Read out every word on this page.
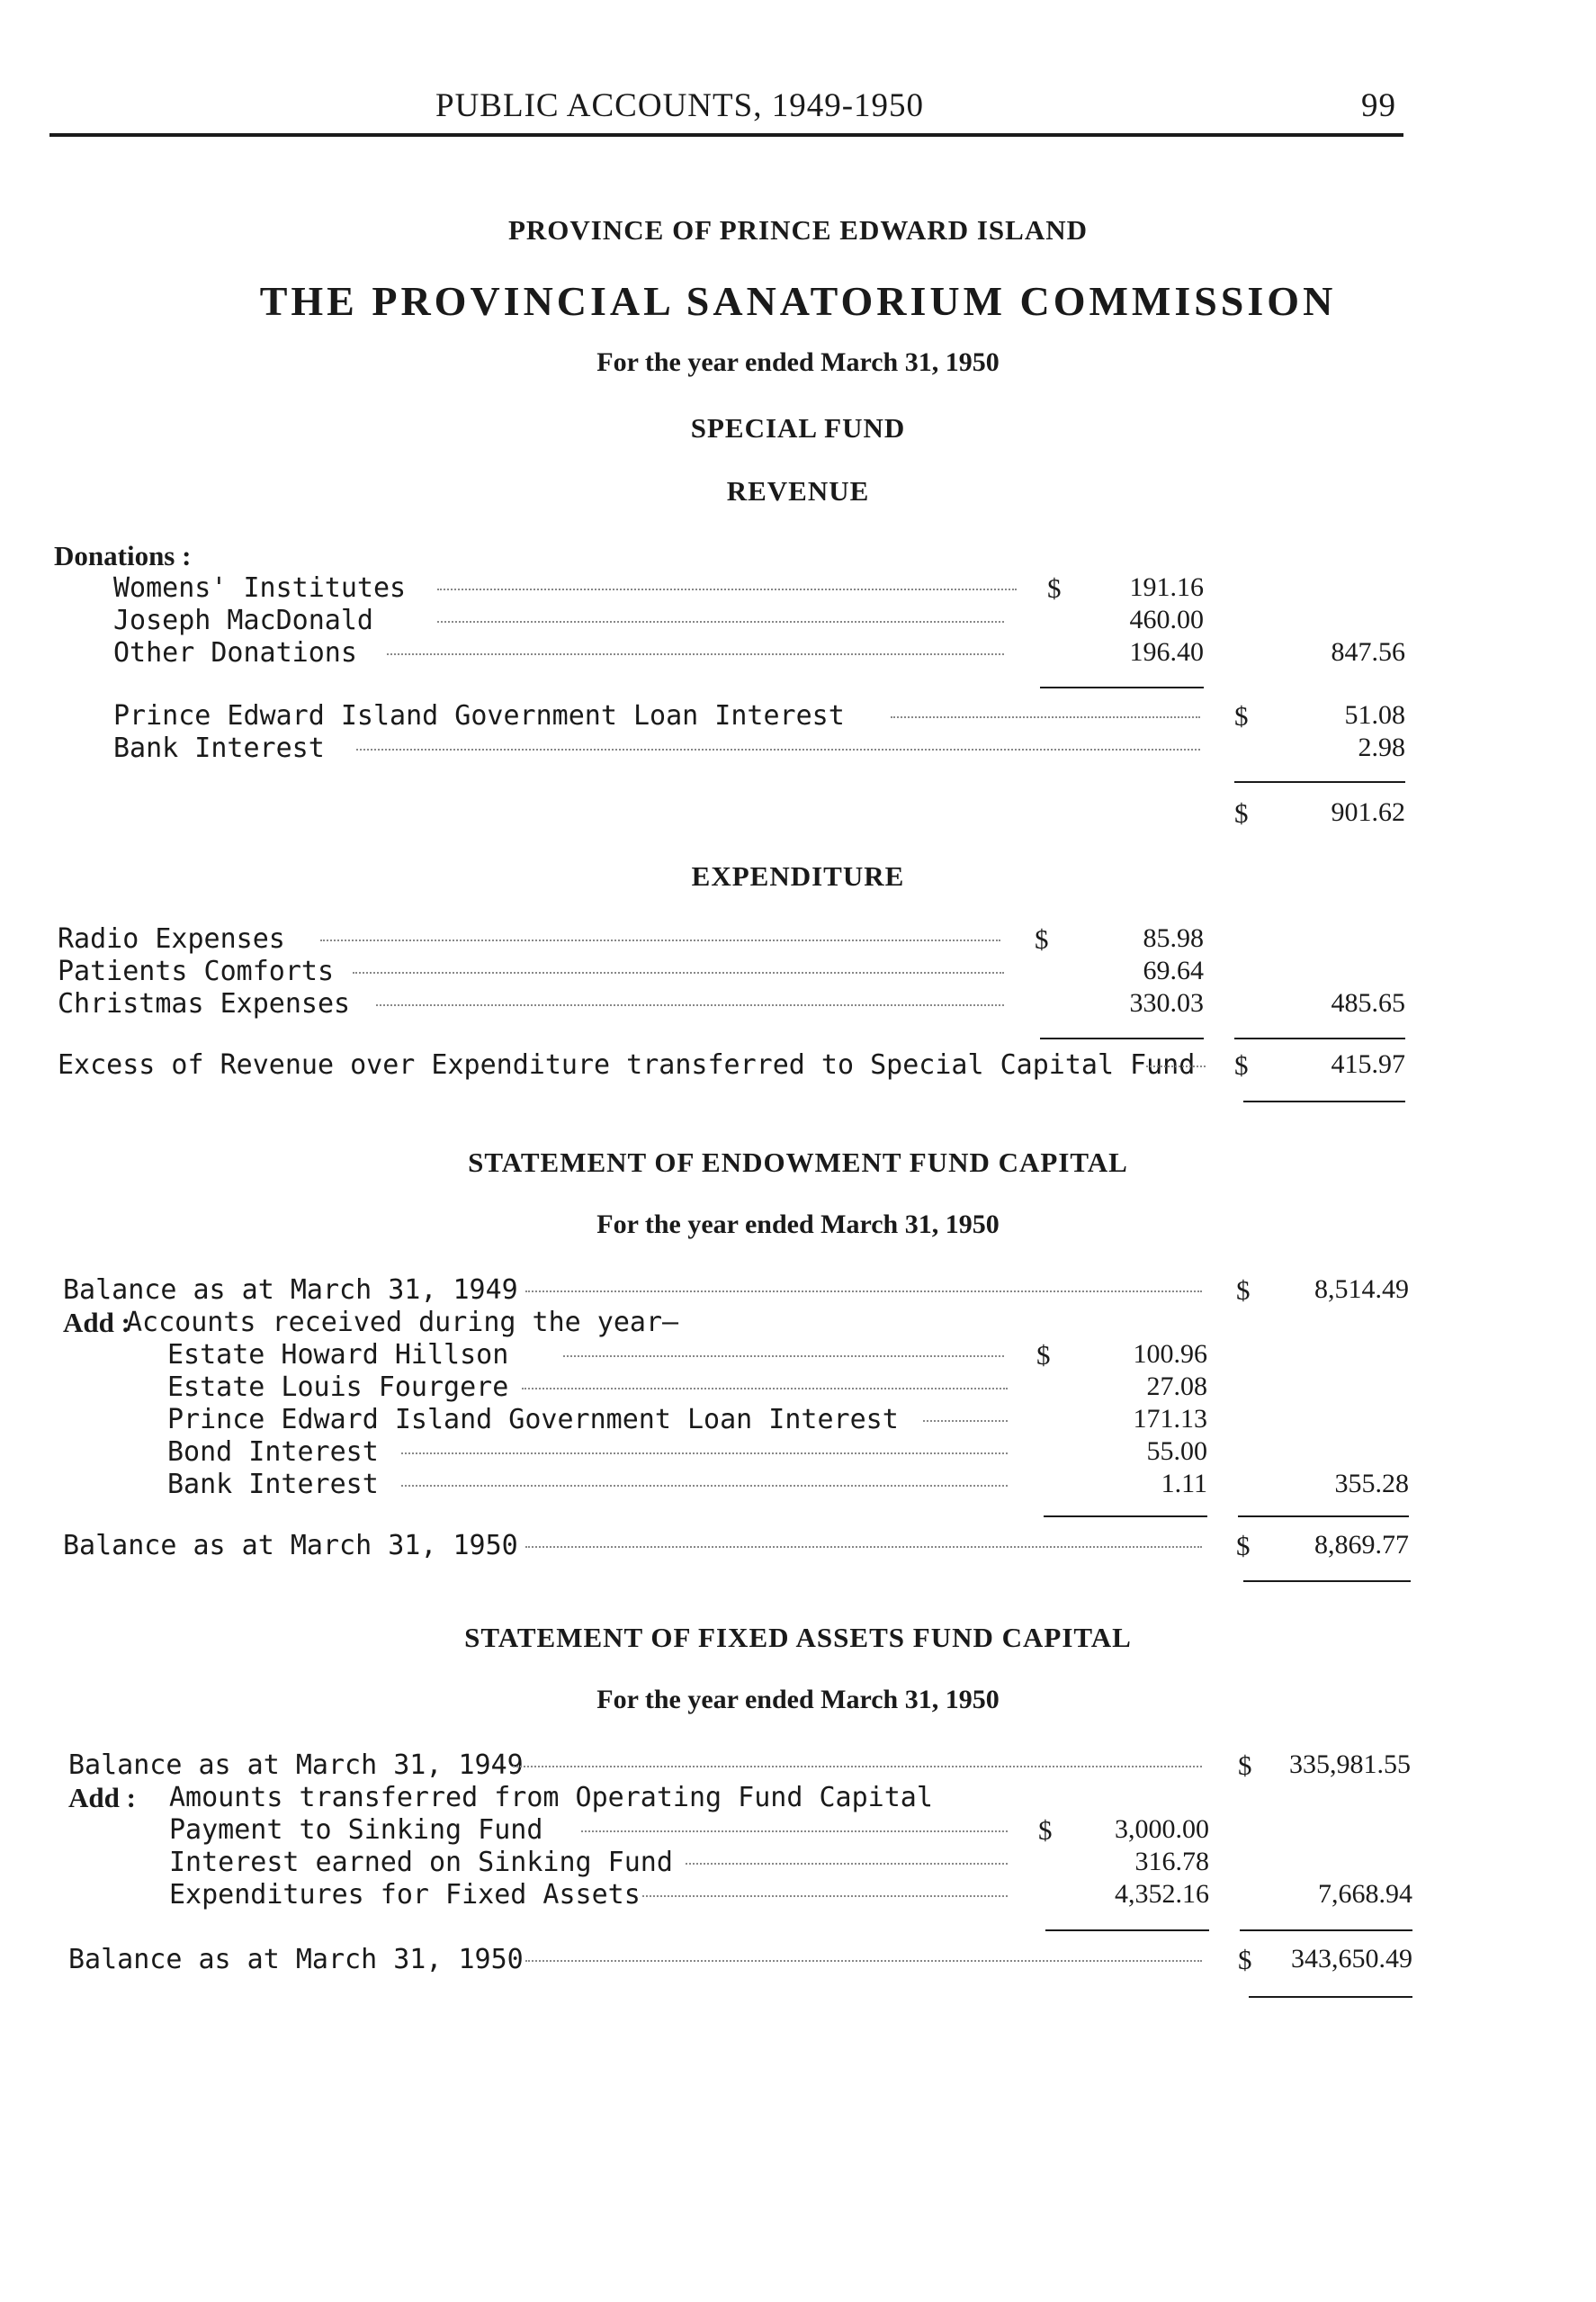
PUBLIC ACCOUNTS, 1949-1950	99
PROVINCE OF PRINCE EDWARD ISLAND
THE PROVINCIAL SANATORIUM COMMISSION
For the year ended March 31, 1950
SPECIAL FUND
REVENUE
Donations :
Womens' Institutes	$	191.16
Joseph MacDonald	460.00
Other Donations	196.40	847.56
Prince Edward Island Government Loan Interest	$	51.08
Bank Interest	2.98
$	901.62
EXPENDITURE
Radio Expenses	$	85.98
Patients Comforts	69.64
Christmas Expenses	330.03	485.65
Excess of Revenue over Expenditure transferred to Special Capital Fund $	415.97
STATEMENT OF ENDOWMENT FUND CAPITAL
For the year ended March 31, 1950
Balance as at March 31, 1949	$	8,514.49
Add :
Accounts received during the year—
Estate Howard Hillson	$	100.96
Estate Louis Fourgere	27.08
Prince Edward Island Government Loan Interest	171.13
Bond Interest	55.00
Bank Interest	1.11	355.28
Balance as at March 31, 1950	$	8,869.77
STATEMENT OF FIXED ASSETS FUND CAPITAL
For the year ended March 31, 1950
Balance as at March 31, 1949	$	335,981.55
Add : Amounts transferred from Operating Fund Capital
Payment to Sinking Fund	$	3,000.00
Interest earned on Sinking Fund	316.78
Expenditures for Fixed Assets	4,352.16	7,668.94
Balance as at March 31, 1950	$	343,650.49
